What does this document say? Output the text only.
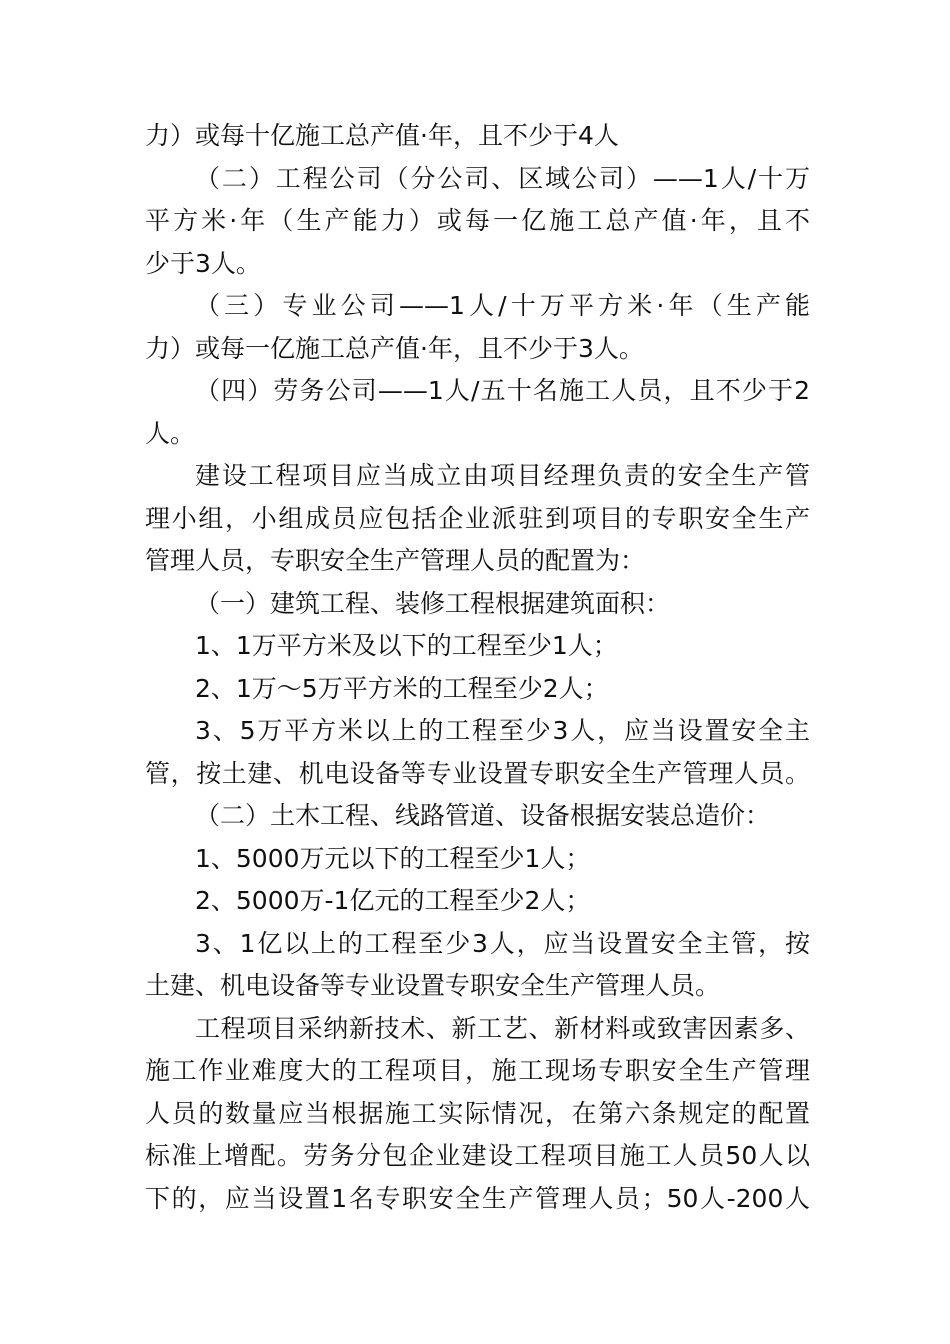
力）或每十亿施工总产值·年，且不少于4人
（二）工程公司（分公司、区域公司）——1人/十万
平方米·年（生产能力）或每一亿施工总产值·年，且不
少于3人。
（三）专业公司——1人/十万平方米·年（生产能
力）或每一亿施工总产值·年，且不少于3人。
（四）劳务公司——1人/五十名施工人员，且不少于2
人。
建设工程项目应当成立由项目经理负责的安全生产管
理小组，小组成员应包括企业派驻到项目的专职安全生产
管理人员，专职安全生产管理人员的配置为：
（一）建筑工程、装修工程根据建筑面积：
1、1万平方米及以下的工程至少1人；
2、1万～5万平方米的工程至少2人；
3、5万平方米以上的工程至少3人，应当设置安全主
管，按土建、机电设备等专业设置专职安全生产管理人员。
（二）土木工程、线路管道、设备根据安装总造价：
1、5000万元以下的工程至少1人；
2、5000万-1亿元的工程至少2人；
3、1亿以上的工程至少3人，应当设置安全主管，按
土建、机电设备等专业设置专职安全生产管理人员。
工程项目采纳新技术、新工艺、新材料或致害因素多、
施工作业难度大的工程项目，施工现场专职安全生产管理
人员的数量应当根据施工实际情况，在第六条规定的配置
标准上增配。劳务分包企业建设工程项目施工人员50人以
下的，应当设置1名专职安全生产管理人员；50人-200人
